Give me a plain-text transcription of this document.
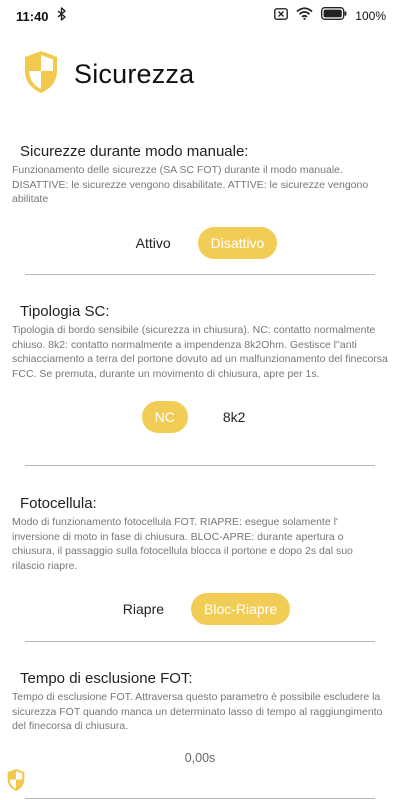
11:40	100%
Sicurezza
Sicurezze durante modo manuale:
Funzionamento delle sicurezze (SA SC FOT) durante il modo manuale. DISATTIVE: le sicurezze vengono disabilitate. ATTIVE: le sicurezze vengono abilitate
Attivo	Disattivo
Tipologia SC:
Tipologia di bordo sensibile (sicurezza in chiusura). NC: contatto normalmente chiuso. 8k2: contatto normalmente a impendenza 8k2Ohm. Gestisce l''anti schiacciamento a terra del portone dovuto ad un malfunzionamento del finecorsa FCC. Se premuta, durante un movimento di chiusura, apre per 1s.
NC	8k2
Fotocellula:
Modo di funzionamento fotocellula FOT. RIAPRE: esegue solamente l' inversione di moto in fase di chiusura. BLOC-APRE: durante apertura o chiusura, il passaggio sulla fotocellula blocca il portone e dopo 2s dal suo rilascio riapre.
Riapre	Bloc-Riapre
Tempo di esclusione FOT:
Tempo di esclusione FOT. Attraversa questo parametro è possibile escludere la sicurezza FOT quando manca un determinato lasso di tempo al raggiungimento del finecorsa di chiusura.
0,00s
